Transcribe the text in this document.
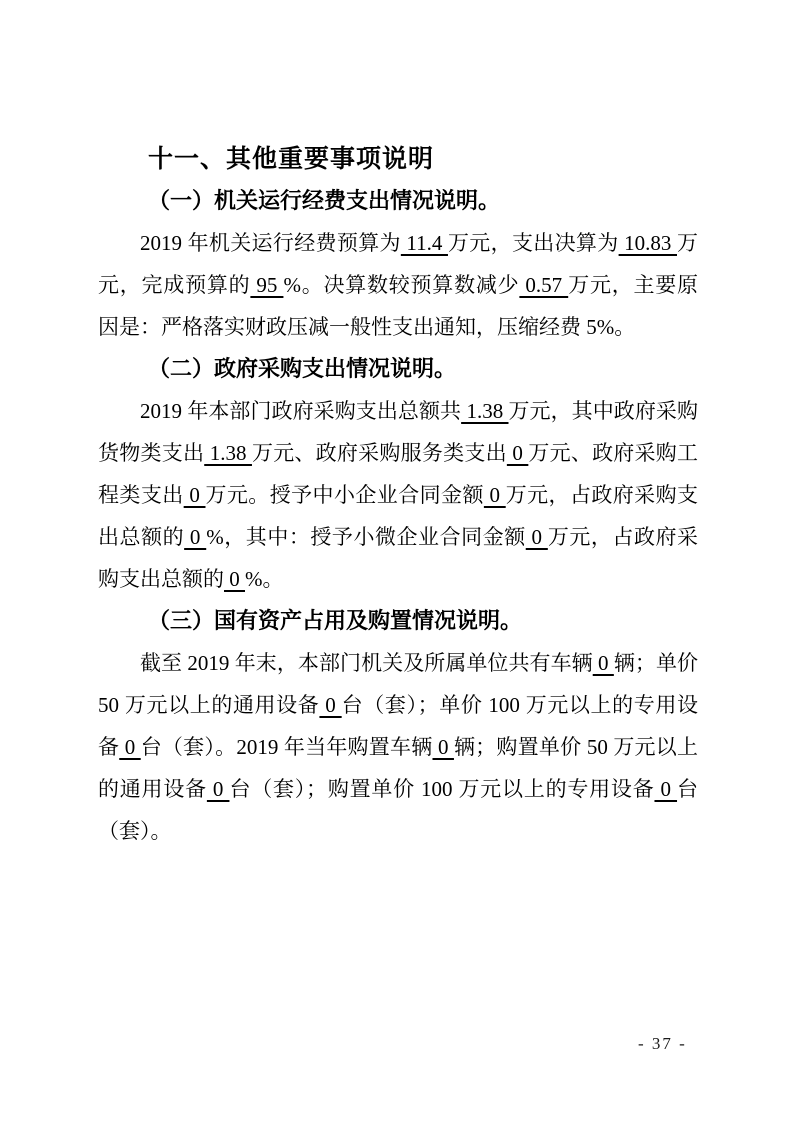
十一、其他重要事项说明
（一）机关运行经费支出情况说明。

2019 年机关运行经费预算为 11.4 万元，支出决算为 10.83 万元，完成预算的 95 %。决算数较预算数减少 0.57 万元，主要原因是：严格落实财政压减一般性支出通知，压缩经费 5%。

（二）政府采购支出情况说明。

2019 年本部门政府采购支出总额共 1.38 万元，其中政府采购货物类支出 1.38 万元、政府采购服务类支出 0 万元、政府采购工程类支出 0 万元。授予中小企业合同金额 0 万元，占政府采购支出总额的 0 %，其中：授予小微企业合同金额 0 万元，占政府采购支出总额的 0 %。

（三）国有资产占用及购置情况说明。

截至 2019 年末，本部门机关及所属单位共有车辆 0 辆；单价 50 万元以上的通用设备 0 台（套）；单价 100 万元以上的专用设备 0 台（套）。2019 年当年购置车辆 0 辆；购置单价 50 万元以上的通用设备 0 台（套）；购置单价 100 万元以上的专用设备 0 台（套）。

- 37 -
